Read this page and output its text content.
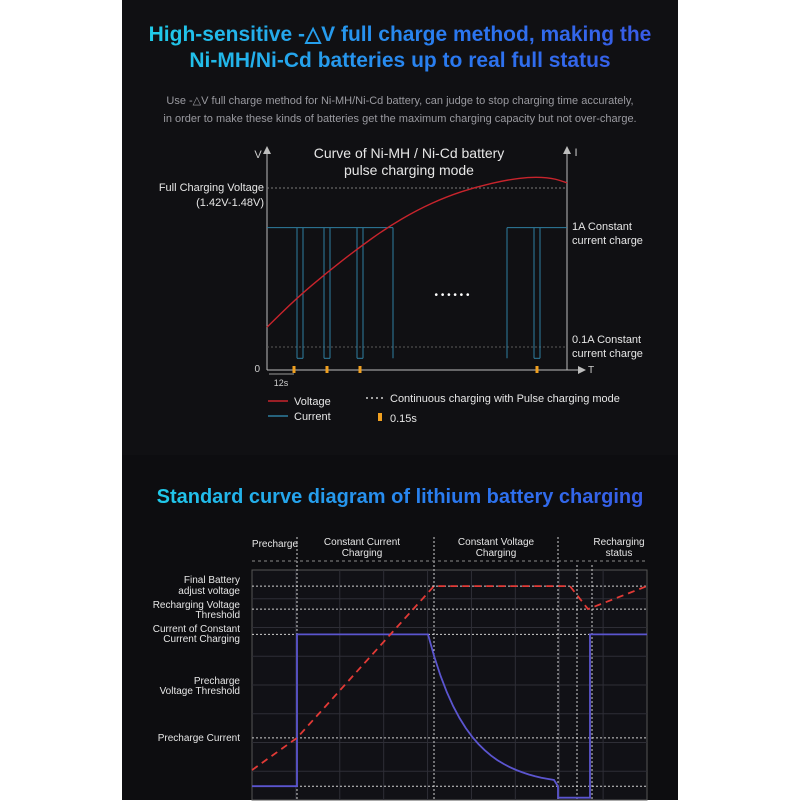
High-sensitive -△V full charge method, making the
Ni-MH/Ni-Cd batteries up to real full status

Use -△V full charge method for Ni-MH/Ni-Cd battery, can judge to stop charging time accurately,
in order to make these kinds of batteries get the maximum charging capacity but not over-charge.

V	I
T
0
Curve of Ni-MH / Ni-Cd battery
pulse charging mode
Full Charging Voltage
(1.42V-1.48V)
1A Constant
current charge
0.1A Constant
current charge
• • • • • •
12s
Voltage
Current
Continuous charging with Pulse charging mode
0.15s
Standard curve diagram of lithium battery charging
Precharge	Constant Current
Charging
Constant Voltage
Charging
Recharging
status
Final Battery
adjust voltage
Recharging Voltage
Threshold
Current of Constant
Current Charging
Precharge
Voltage Threshold
Precharge Current
